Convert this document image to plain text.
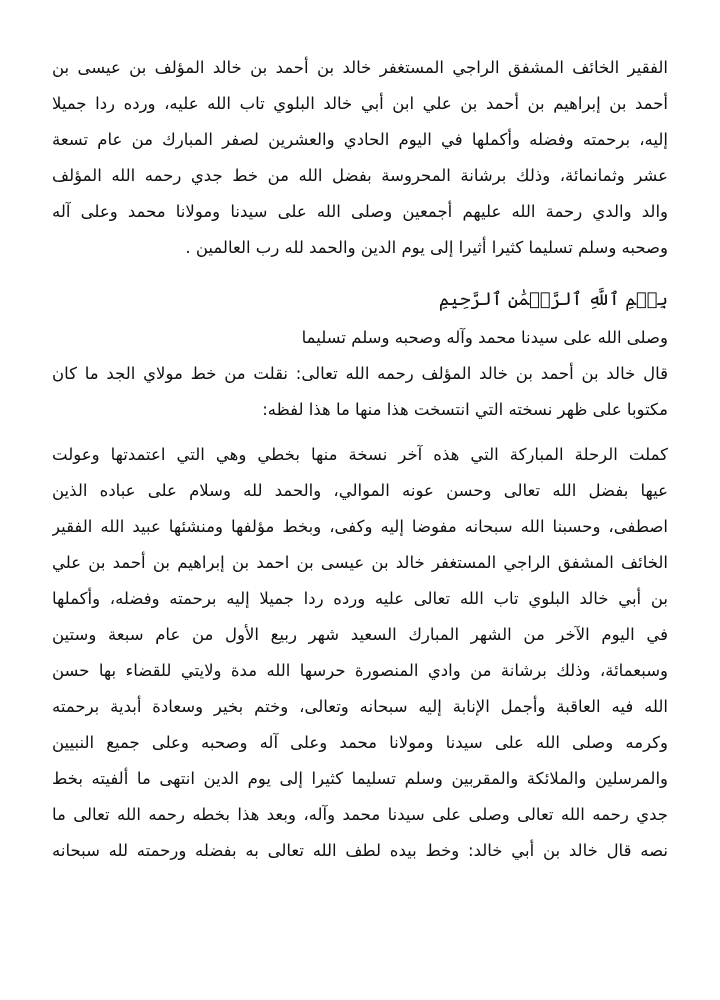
الفقير الخائف المشفق الراجي المستغفر خالد بن أحمد بن خالد المؤلف بن عيسى بن
أحمد بن إبراهيم بن أحمد بن علي ابن أبي خالد البلوي تاب الله عليه، ورده ردا جميلا
إليه، برحمته وفضله وأكملها في اليوم الحادي والعشرين لصفر المبارك من عام تسعة
عشر وثمانمائة، وذلك برشانة المحروسة بفضل الله من خط جدي رحمه الله المؤلف
والد والدي رحمة الله عليهم أجمعين وصلى الله على سيدنا ومولانا محمد وعلى آله
وصحبه وسلم تسليما كثيرا أثيرا إلى يوم الدين والحمد لله رب العالمين .
بِسۡمِ ٱللَّهِ ٱلرَّحۡمَٰنِ ٱلرَّحِيمِ
وصلى الله على سيدنا محمد وآله وصحبه وسلم تسليما
قال خالد بن أحمد بن خالد المؤلف رحمه الله تعالى: نقلت من خط مولاي الجد ما كان
مكتوبا على ظهر نسخته التي انتسخت هذا منها ما هذا لفظه:
كملت الرحلة المباركة التي هذه آخر نسخة منها بخطي وهي التي اعتمدتها وعولت
عيها بفضل الله تعالى وحسن عونه الموالي، والحمد لله وسلام على عباده الذين
اصطفى، وحسبنا الله سبحانه مفوضا إليه وكفى، وبخط مؤلفها ومنشئها عبيد الله الفقير
الخائف المشفق الراجي المستغفر خالد بن عيسى بن احمد بن إبراهيم بن أحمد بن علي
بن أبي خالد البلوي تاب الله تعالى عليه ورده ردا جميلا إليه برحمته وفضله، وأكملها
في اليوم الآخر من الشهر المبارك السعيد شهر ربيع الأول من عام سبعة وستين
وسبعمائة، وذلك برشانة من وادي المنصورة حرسها الله مدة ولايتي للقضاء بها حسن
الله فيه العاقبة وأجمل الإنابة إليه سبحانه وتعالى، وختم بخير وسعادة أبدية برحمته
وكرمه وصلى الله على سيدنا ومولانا محمد وعلى آله وصحبه وعلى جميع النبيين
والمرسلين والملائكة والمقربين وسلم تسليما كثيرا إلى يوم الدين انتهى ما ألفيته بخط
جدي رحمه الله تعالى وصلى على سيدنا محمد وآله، وبعد هذا بخطه رحمه الله تعالى ما
نصه قال خالد بن أبي خالد: وخط بيده لطف الله تعالى به بفضله ورحمته لله سبحانه
